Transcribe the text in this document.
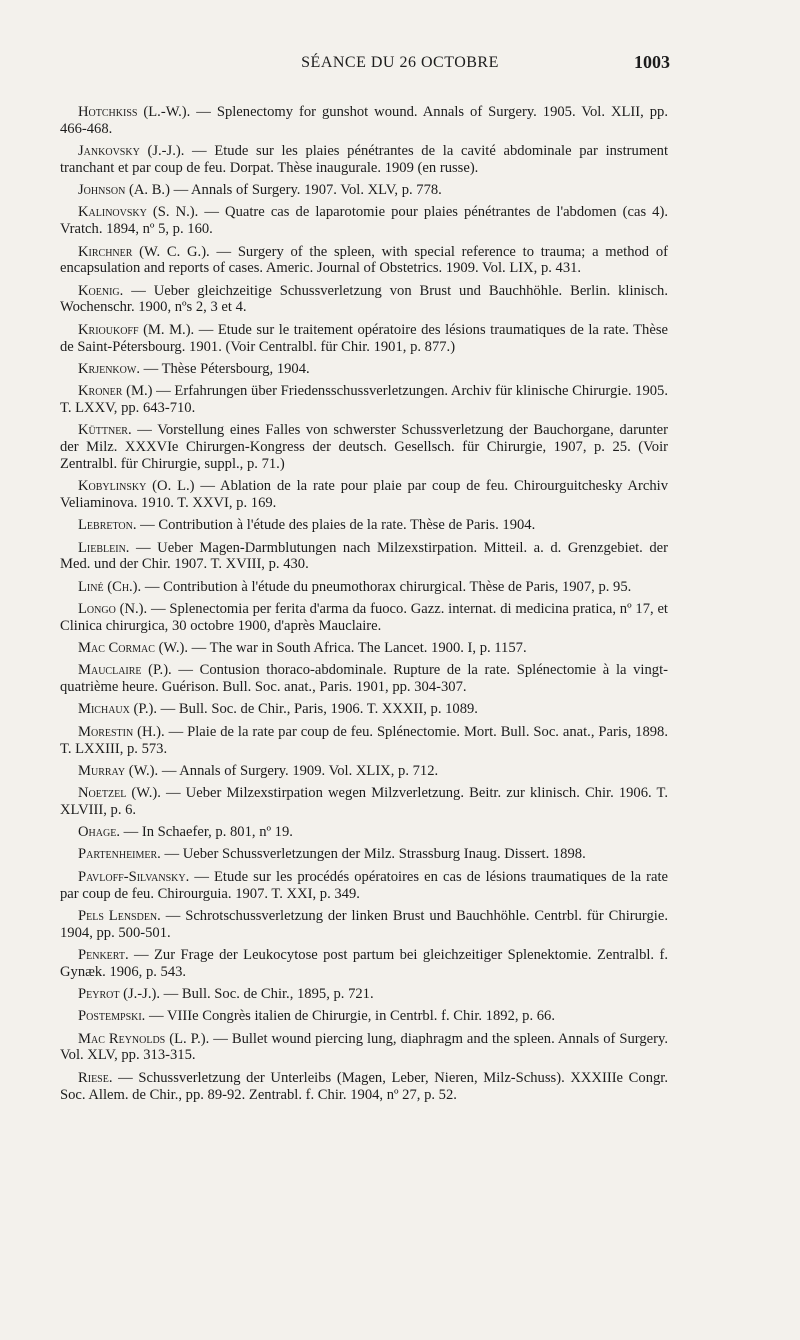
SÉANCE DU 26 OCTOBRE	1003

Hotchkiss (L.-W.). — Splenectomy for gunshot wound. Annals of Surgery. 1905. Vol. XLII, pp. 466-468.

Jankovsky (J.-J.). — Etude sur les plaies pénétrantes de la cavité abdominale par instrument tranchant et par coup de feu. Dorpat. Thèse inaugurale. 1909 (en russe).

Johnson (A. B.) — Annals of Surgery. 1907. Vol. XLV, p. 778.

Kalinovsky (S. N.). — Quatre cas de laparotomie pour plaies pénétrantes de l'abdomen (cas 4). Vratch. 1894, nº 5, p. 160.

Kirchner (W. C. G.). — Surgery of the spleen, with special reference to trauma; a method of encapsulation and reports of cases. Americ. Journal of Obstetrics. 1909. Vol. LIX, p. 431.

Koenig. — Ueber gleichzeitige Schussverletzung von Brust und Bauchhöhle. Berlin. klinisch. Wochenschr. 1900, nºs 2, 3 et 4.

Krioukoff (M. M.). — Etude sur le traitement opératoire des lésions traumatiques de la rate. Thèse de Saint-Pétersbourg. 1901. (Voir Centralbl. für Chir. 1901, p. 877.)

Krjenkow. — Thèse Pétersbourg, 1904.

Kroner (M.) — Erfahrungen über Friedensschussverletzungen. Archiv für klinische Chirurgie. 1905. T. LXXV, pp. 643-710.

Küttner. — Vorstellung eines Falles von schwerster Schussverletzung der Bauchorgane, darunter der Milz. XXXVIe Chirurgen-Kongress der deutsch. Gesellsch. für Chirurgie, 1907, p. 25. (Voir Zentralbl. für Chirurgie, suppl., p. 71.)

Kobylinsky (O. L.) — Ablation de la rate pour plaie par coup de feu. Chirourguitchesky Archiv Veliaminova. 1910. T. XXVI, p. 169.

Lebreton. — Contribution à l'étude des plaies de la rate. Thèse de Paris. 1904.

Lieblein. — Ueber Magen-Darmblutungen nach Milzexstirpation. Mitteil. a. d. Grenzgebiet. der Med. und der Chir. 1907. T. XVIII, p. 430.

Liné (Ch.). — Contribution à l'étude du pneumothorax chirurgical. Thèse de Paris, 1907, p. 95.

Longo (N.). — Splenectomia per ferita d'arma da fuoco. Gazz. internat. di medicina pratica, nº 17, et Clinica chirurgica, 30 octobre 1900, d'après Mauclaire.

Mac Cormac (W.). — The war in South Africa. The Lancet. 1900. I, p. 1157.

Mauclaire (P.). — Contusion thoraco-abdominale. Rupture de la rate. Splénectomie à la vingt-quatrième heure. Guérison. Bull. Soc. anat., Paris. 1901, pp. 304-307.

Michaux (P.). — Bull. Soc. de Chir., Paris, 1906. T. XXXII, p. 1089.

Morestin (H.). — Plaie de la rate par coup de feu. Splénectomie. Mort. Bull. Soc. anat., Paris, 1898. T. LXXIII, p. 573.

Murray (W.). — Annals of Surgery. 1909. Vol. XLIX, p. 712.

Noetzel (W.). — Ueber Milzexstirpation wegen Milzverletzung. Beitr. zur klinisch. Chir. 1906. T. XLVIII, p. 6.

Ohage. — In Schaefer, p. 801, nº 19.

Partenheimer. — Ueber Schussverletzungen der Milz. Strassburg Inaug. Dissert. 1898.

Pavloff-Silvansky. — Etude sur les procédés opératoires en cas de lésions traumatiques de la rate par coup de feu. Chirourguia. 1907. T. XXI, p. 349.

Pels Lensden. — Schrotschussverletzung der linken Brust und Bauchhöhle. Centrbl. für Chirurgie. 1904, pp. 500-501.

Penkert. — Zur Frage der Leukocytose post partum bei gleichzeitiger Splenektomie. Zentralbl. f. Gynæk. 1906, p. 543.

Peyrot (J.-J.). — Bull. Soc. de Chir., 1895, p. 721.

Postempski. — VIIIe Congrès italien de Chirurgie, in Centrbl. f. Chir. 1892, p. 66.

Mac Reynolds (L. P.). — Bullet wound piercing lung, diaphragm and the spleen. Annals of Surgery. Vol. XLV, pp. 313-315.

Riese. — Schussverletzung der Unterleibs (Magen, Leber, Nieren, Milz-Schuss). XXXIIIe Congr. Soc. Allem. de Chir., pp. 89-92. Zentrabl. f. Chir. 1904, nº 27, p. 52.
